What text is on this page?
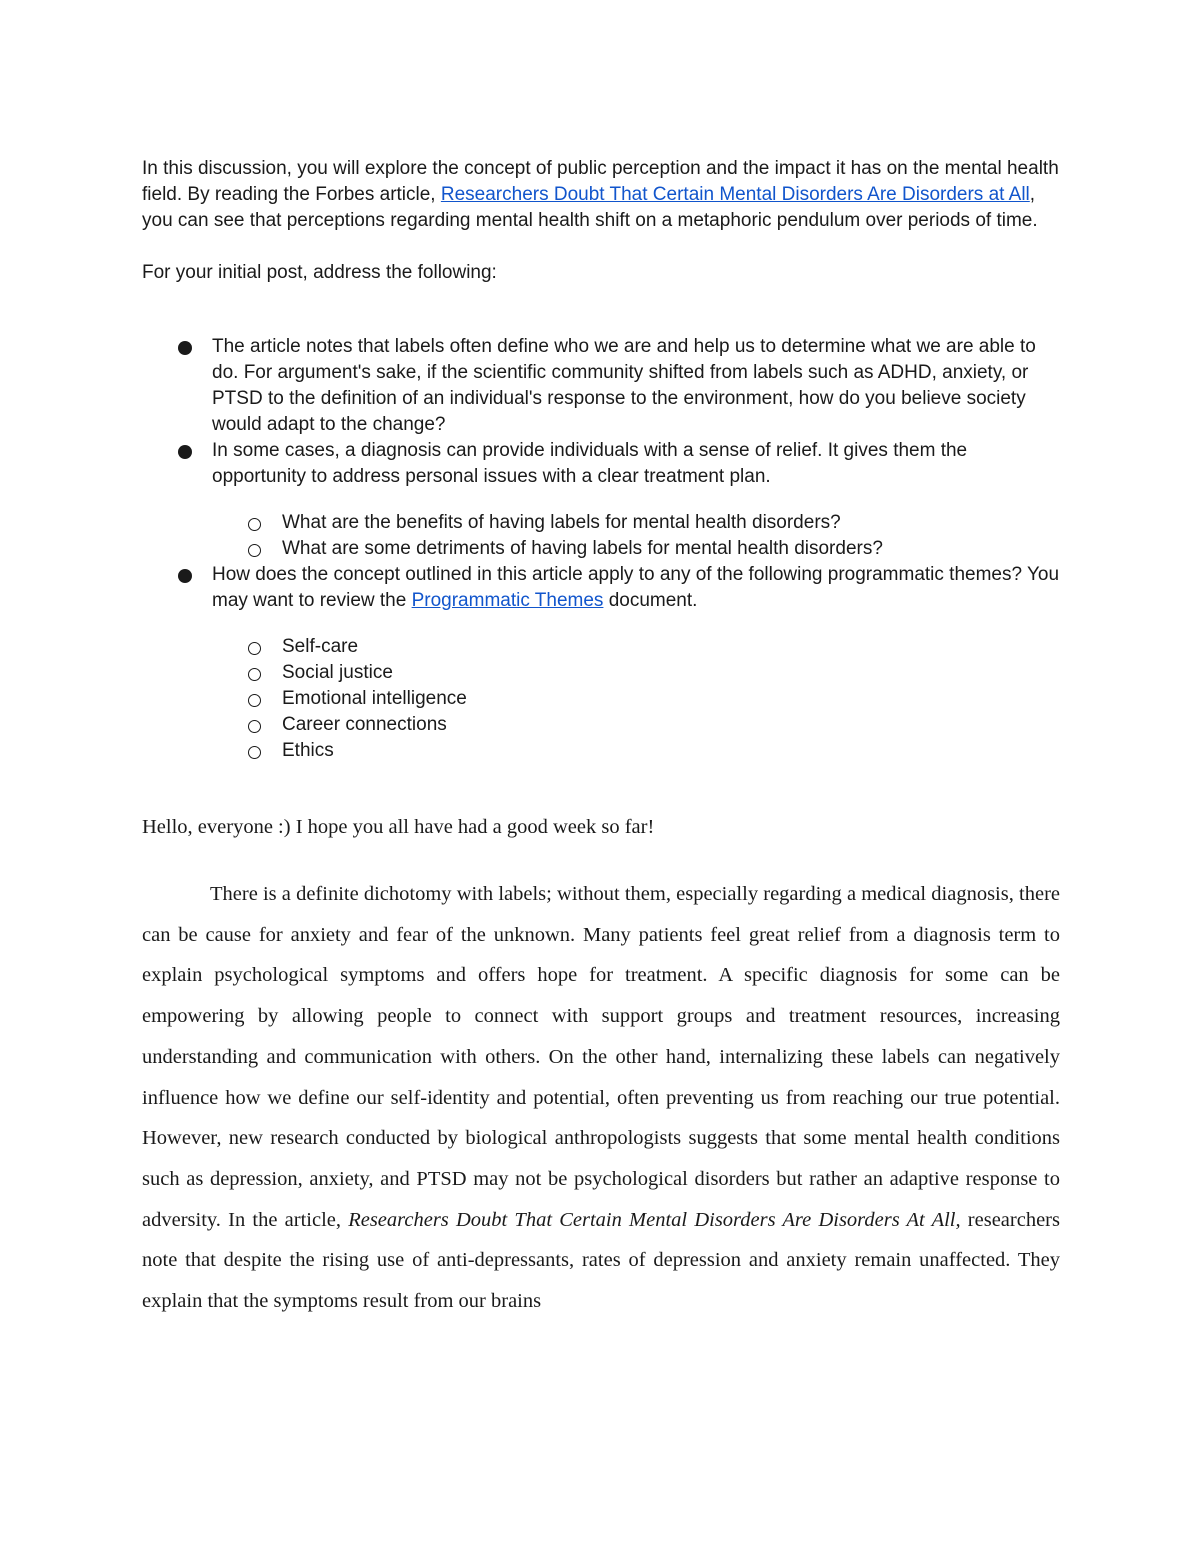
In this discussion, you will explore the concept of public perception and the impact it has on the mental health field. By reading the Forbes article, Researchers Doubt That Certain Mental Disorders Are Disorders at All, you can see that perceptions regarding mental health shift on a metaphoric pendulum over periods of time.

For your initial post, address the following:

The article notes that labels often define who we are and help us to determine what we are able to do. For argument's sake, if the scientific community shifted from labels such as ADHD, anxiety, or PTSD to the definition of an individual's response to the environment, how do you believe society would adapt to the change?
In some cases, a diagnosis can provide individuals with a sense of relief. It gives them the opportunity to address personal issues with a clear treatment plan.
What are the benefits of having labels for mental health disorders?
What are some detriments of having labels for mental health disorders?
How does the concept outlined in this article apply to any of the following programmatic themes? You may want to review the Programmatic Themes document.
Self-care
Social justice
Emotional intelligence
Career connections
Ethics

Hello, everyone :) I hope you all have had a good week so far!

There is a definite dichotomy with labels; without them, especially regarding a medical diagnosis, there can be cause for anxiety and fear of the unknown. Many patients feel great relief from a diagnosis term to explain psychological symptoms and offers hope for treatment. A specific diagnosis for some can be empowering by allowing people to connect with support groups and treatment resources, increasing understanding and communication with others. On the other hand, internalizing these labels can negatively influence how we define our self-identity and potential, often preventing us from reaching our true potential. However, new research conducted by biological anthropologists suggests that some mental health conditions such as depression, anxiety, and PTSD may not be psychological disorders but rather an adaptive response to adversity. In the article, Researchers Doubt That Certain Mental Disorders Are Disorders At All, researchers note that despite the rising use of anti-depressants, rates of depression and anxiety remain unaffected. They explain that the symptoms result from our brains
